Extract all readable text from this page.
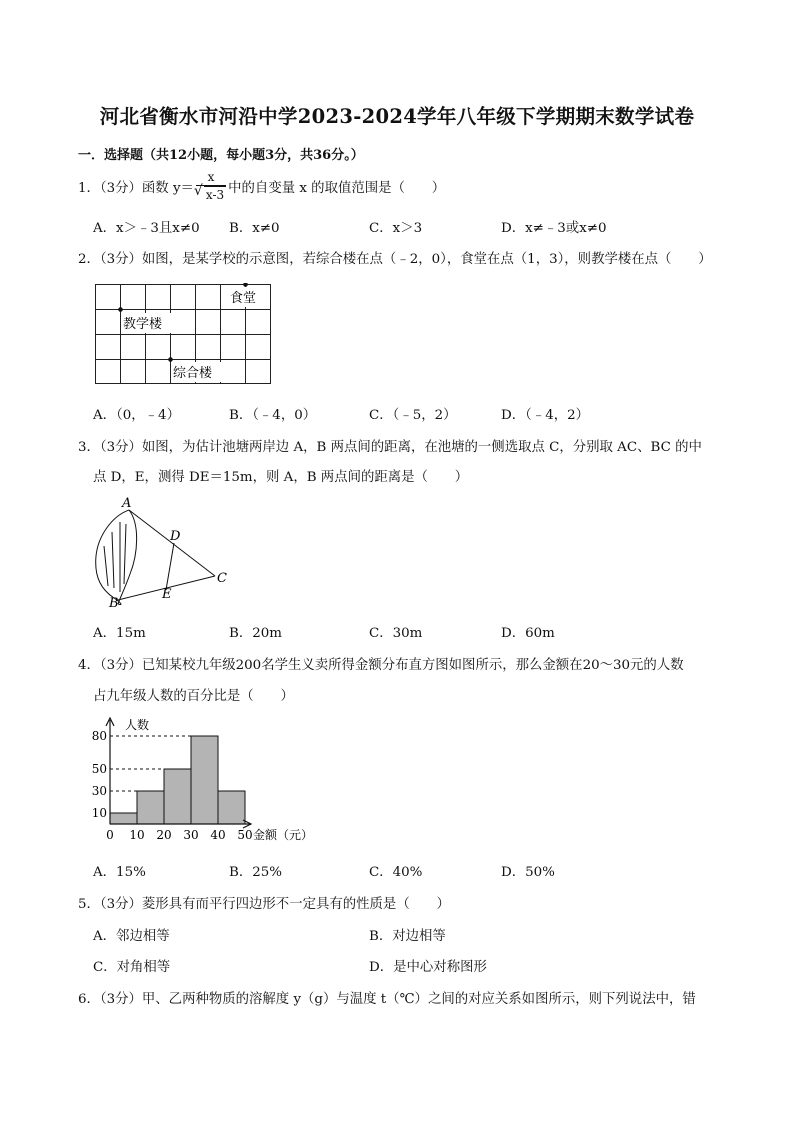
河北省衡水市河沿中学2023-2024学年八年级下学期期末数学试卷
一．选择题（共12小题，每小题3分，共36分。）
1．（3分）函数 y＝ x
√ x-3 中的自变量 x 的取值范围是（　　）
A．x＞﹣3且x≠0 B．x≠0	C．x＞3	D．x≠﹣3或x≠0
2．（3分）如图，是某学校的示意图，若综合楼在点（﹣2，0），食堂在点（1，3），则教学楼在点（　　）
食堂
教学楼
综合楼
A．（0，﹣4）	B．（﹣4，0）	C．（﹣5，2）	D．（﹣4，2）
3．（3分）如图，为估计池塘两岸边 A，B 两点间的距离，在池塘的一侧选取点 C，分别取 AC、BC 的中
点 D，E，测得 DE＝15m，则 A，B 两点间的距离是（　　）
A
D
C
E
B
A．15m	B．20m	C．30m	D．60m
4．（3分）已知某校九年级200名学生义卖所得金额分布直方图如图所示，那么金额在20～30元的人数
占九年级人数的百分比是（　　）
10
30
50
80
0 10 20 30 40 50
人数
金额（元）
A．15%	B．25%	C．40%	D．50%
5．（3分）菱形具有而平行四边形不一定具有的性质是（　　）
A．邻边相等	B．对边相等
C．对角相等	D．是中心对称图形
6．（3分）甲、乙两种物质的溶解度 y（g）与温度 t（℃）之间的对应关系如图所示，则下列说法中，错
